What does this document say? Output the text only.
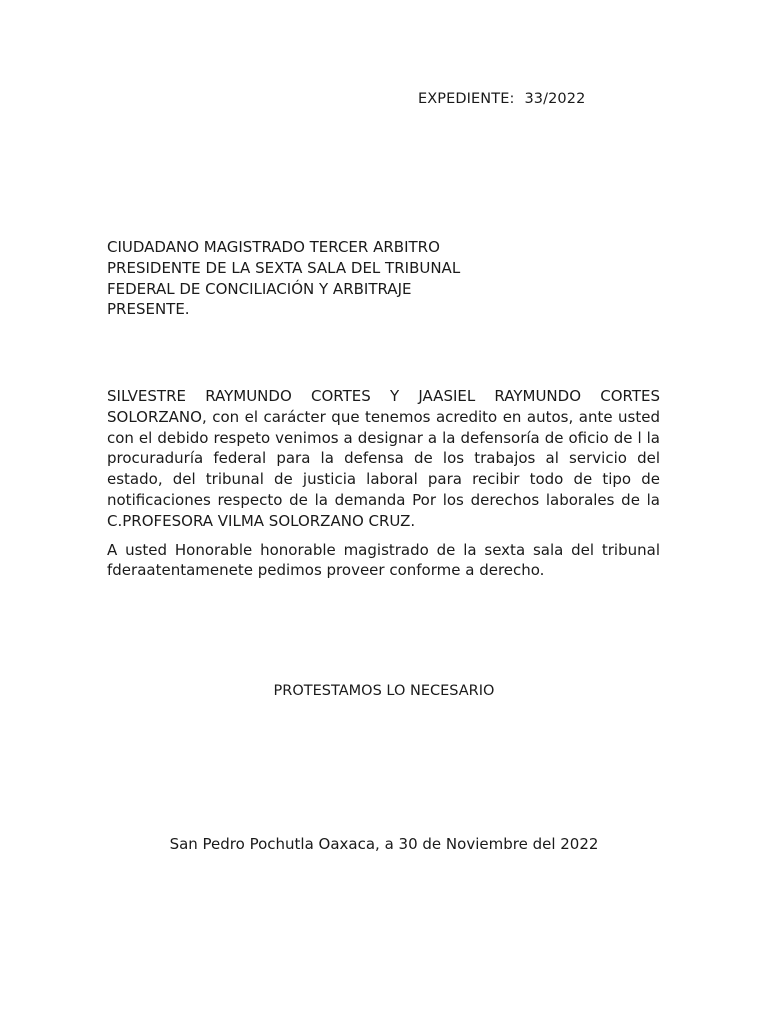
EXPEDIENTE: 33/2022
CIUDADANO MAGISTRADO TERCER ARBITRO
PRESIDENTE DE LA SEXTA SALA DEL TRIBUNAL
FEDERAL DE CONCILIACIÓN Y ARBITRAJE
PRESENTE.

SILVESTRE RAYMUNDO CORTES Y JAASIEL RAYMUNDO CORTES SOLORZANO, con el carácter que tenemos acredito en autos, ante usted con el debido respeto venimos a designar a la defensoría de oficio de l la procuraduría federal para la defensa de los trabajos al servicio del estado, del tribunal de justicia laboral para recibir todo de tipo de notificaciones respecto de la demanda Por los derechos laborales de la C.PROFESORA VILMA SOLORZANO CRUZ.

A usted Honorable honorable magistrado de la sexta sala del tribunal fderaatentamenete pedimos proveer conforme a derecho.

PROTESTAMOS LO NECESARIO
San Pedro Pochutla Oaxaca, a 30 de Noviembre del 2022
